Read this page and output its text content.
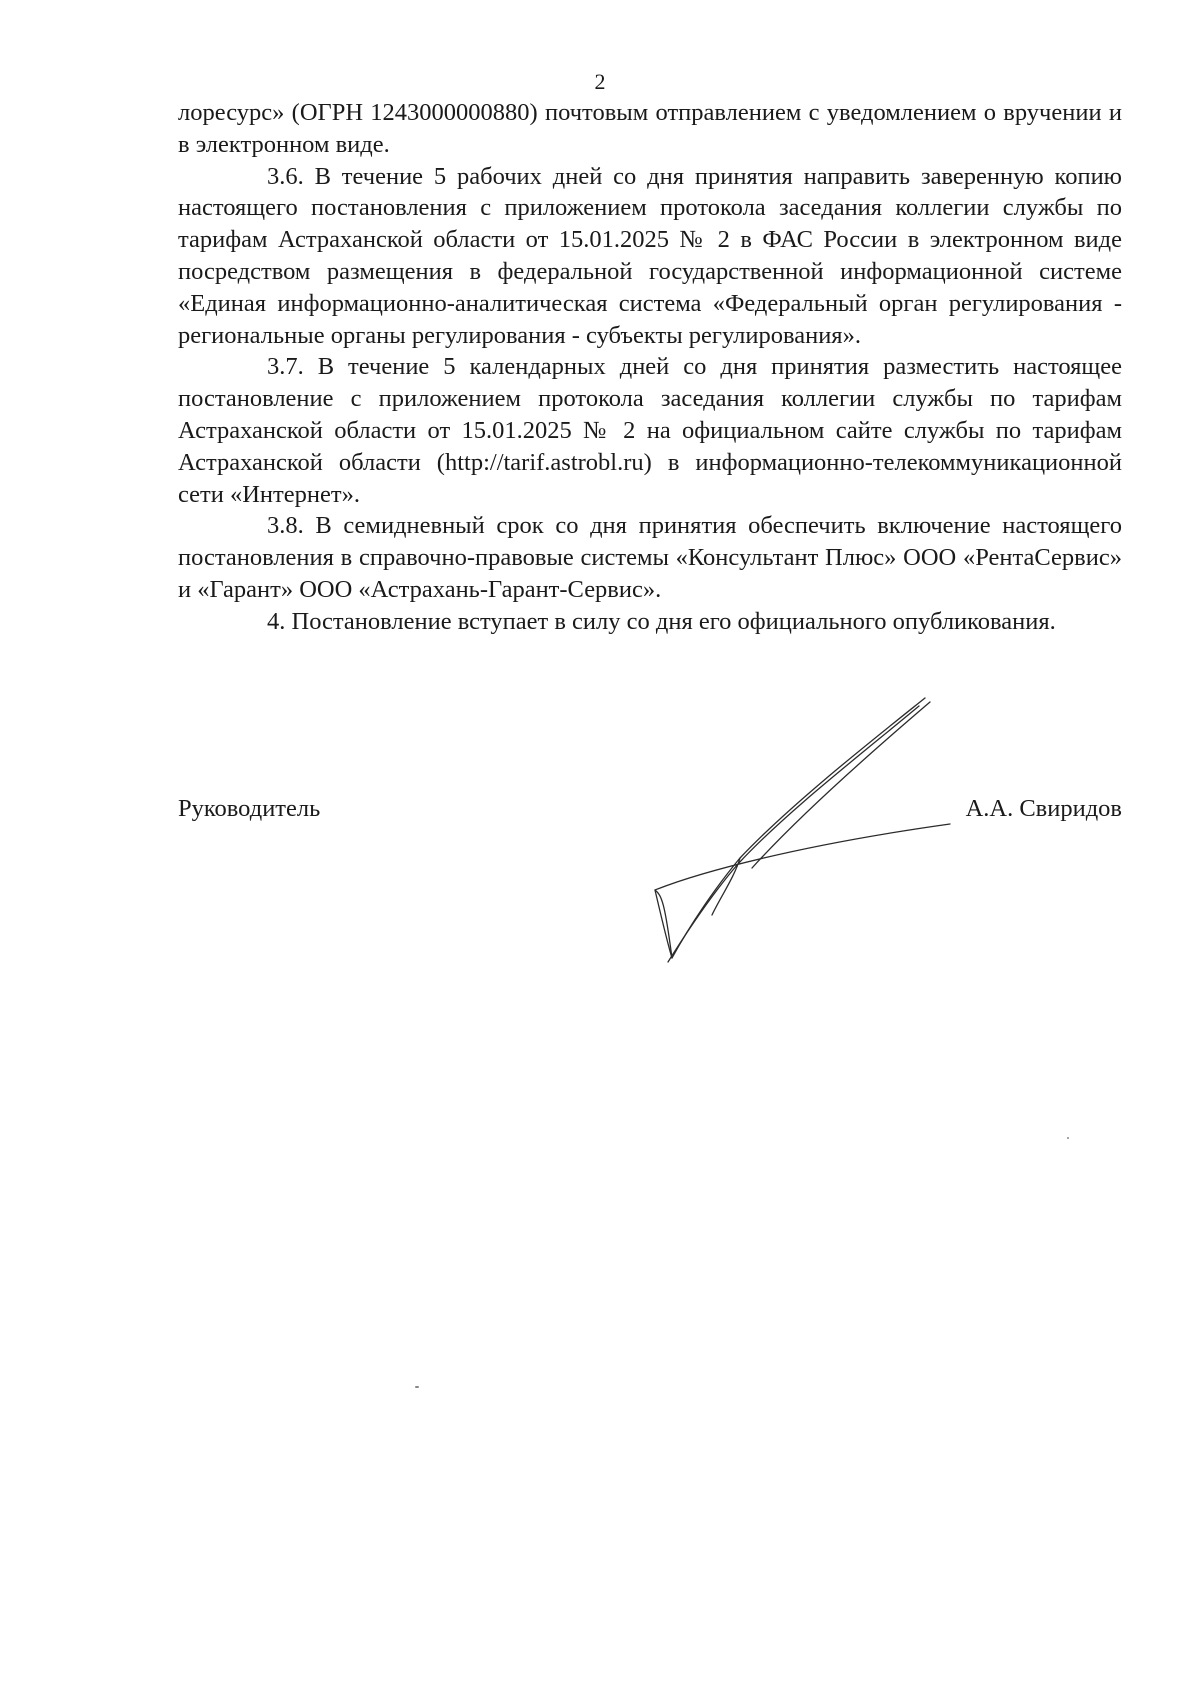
2

лоресурс» (ОГРН 1243000000880) почтовым отправлением с уведомлением о вручении и в электронном виде.

3.6. В течение 5 рабочих дней со дня принятия направить заверенную копию настоящего постановления с приложением протокола заседания коллегии службы по тарифам Астраханской области от 15.01.2025 № 2 в ФАС России в электронном виде посредством размещения в федеральной государственной информационной системе «Единая информационно-аналитическая система «Федеральный орган регулирования - региональные органы регулирования - субъекты регулирования».

3.7. В течение 5 календарных дней со дня принятия разместить настоящее постановление с приложением протокола заседания коллегии службы по тарифам Астраханской области от 15.01.2025 № 2 на официальном сайте службы по тарифам Астраханской области (http://tarif.astrobl.ru) в информационно-телекоммуникационной сети «Интернет».

3.8. В семидневный срок со дня принятия обеспечить включение настоящего постановления в справочно-правовые системы «Консультант Плюс» ООО «РентаСервис» и «Гарант» ООО «Астрахань-Гарант-Сервис».

4. Постановление вступает в силу со дня его официального опубликования.

Руководитель	А.А. Свиридов
